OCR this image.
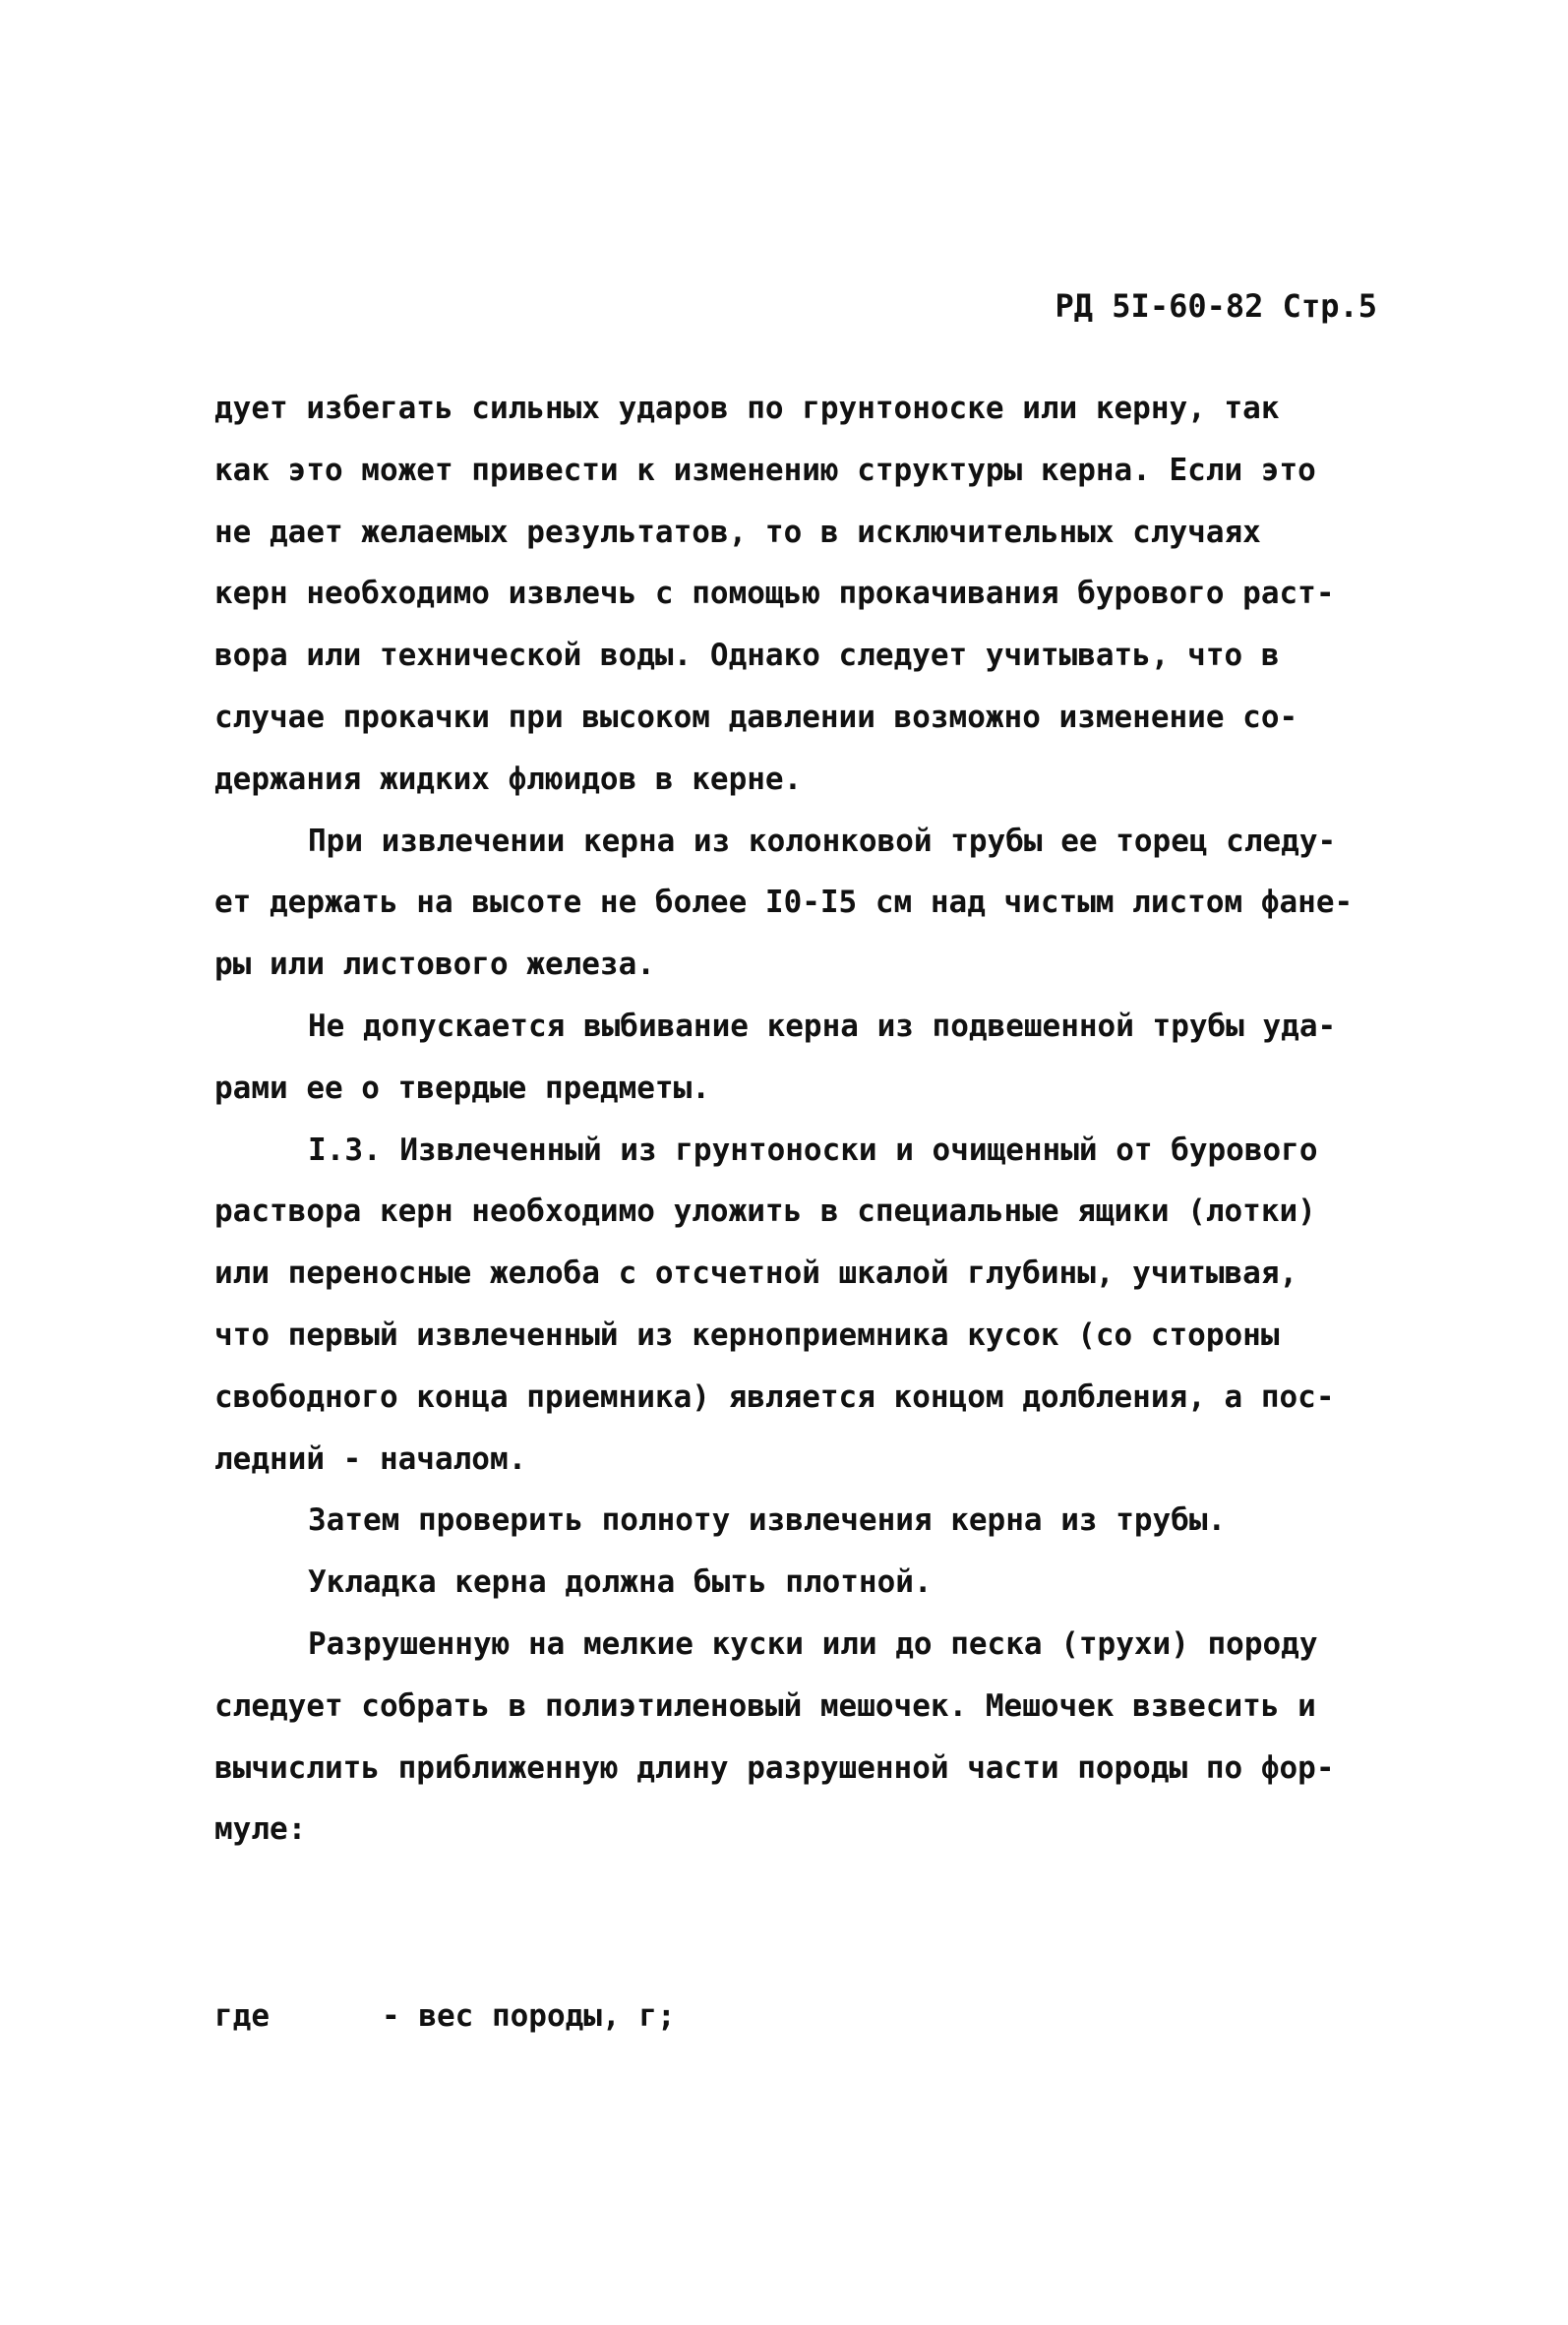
РД 5I-60-82 Стр.5
дует избегать сильных ударов по грунтоноске или керну, так
как это может привести к изменению структуры керна. Если это
не дает желаемых результатов, то в исключительных случаях
керн необходимо извлечь с помощью прокачивания бурового раст-
вора или технической воды. Однако следует учитывать, что в
случае прокачки при высоком давлении возможно изменение со-
держания жидких флюидов в керне.
При извлечении керна из колонковой трубы ее торец следу-
ет держать на высоте не более I0-I5 см над чистым листом фане-
ры или листового железа.
Не допускается выбивание керна из подвешенной трубы уда-
рами ее о твердые предметы.
I.3. Извлеченный из грунтоноски и очищенный от бурового
раствора керн необходимо уложить в специальные ящики (лотки)
или переносные желоба с отсчетной шкалой глубины, учитывая,
что первый извлеченный из керноприемника кусок (со стороны
свободного конца приемника) является концом долбления, а пос-
ледний - началом.
Затем проверить полноту извлечения керна из трубы.
Укладка керна должна быть плотной.
Разрушенную на мелкие куски или до песка (трухи) породу
следует собрать в полиэтиленовый мешочек. Мешочек взвесить и
вычислить приближенную длину разрушенной части породы по фор-
муле:
где	- вес породы, г;
